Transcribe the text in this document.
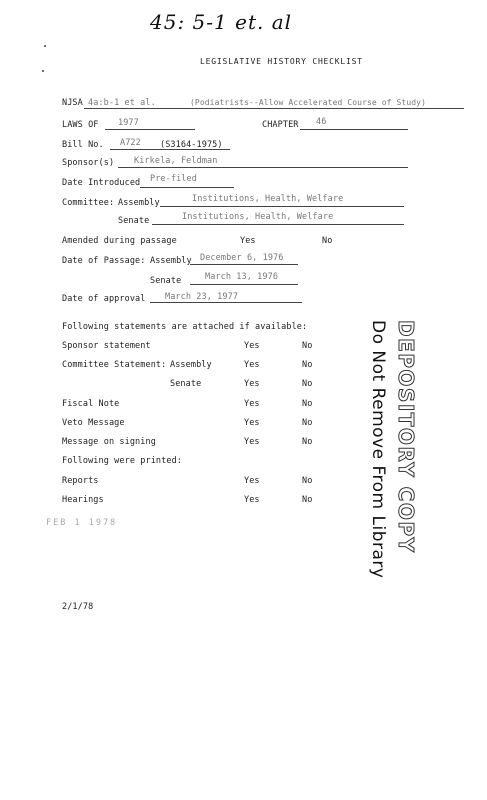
45: 5-1 et. al
LEGISLATIVE HISTORY CHECKLIST
NJSA 4a:b-1 et al.	(Podiatrists--Allow Accelerated Course of Study)
LAWS OF 1977	CHAPTER 46
Bill No. A722 (S3164-1975)
Sponsor(s) Kirkela, Feldman
Date Introduced Pre-filed
Committee: Assembly	Institutions, Health, Welfare
Senate	Institutions, Health, Welfare
Amended during passage	Yes	No
Date of Passage: Assembly December 6, 1976
Senate	March 13, 1976
Date of approval March 23, 1977
Following statements are attached if available:
Sponsor statement	Yes	No
Committee Statement: Assembly	Yes	No
Senate	Yes	No
Fiscal Note	Yes	No
Veto Message	Yes	No
Message on signing	Yes	No
Following were printed:
Reports	Yes	No
Hearings	Yes	No	Do Not Remove From Library DEPOSITORY COPY
FEB 1 1978
2/1/78
